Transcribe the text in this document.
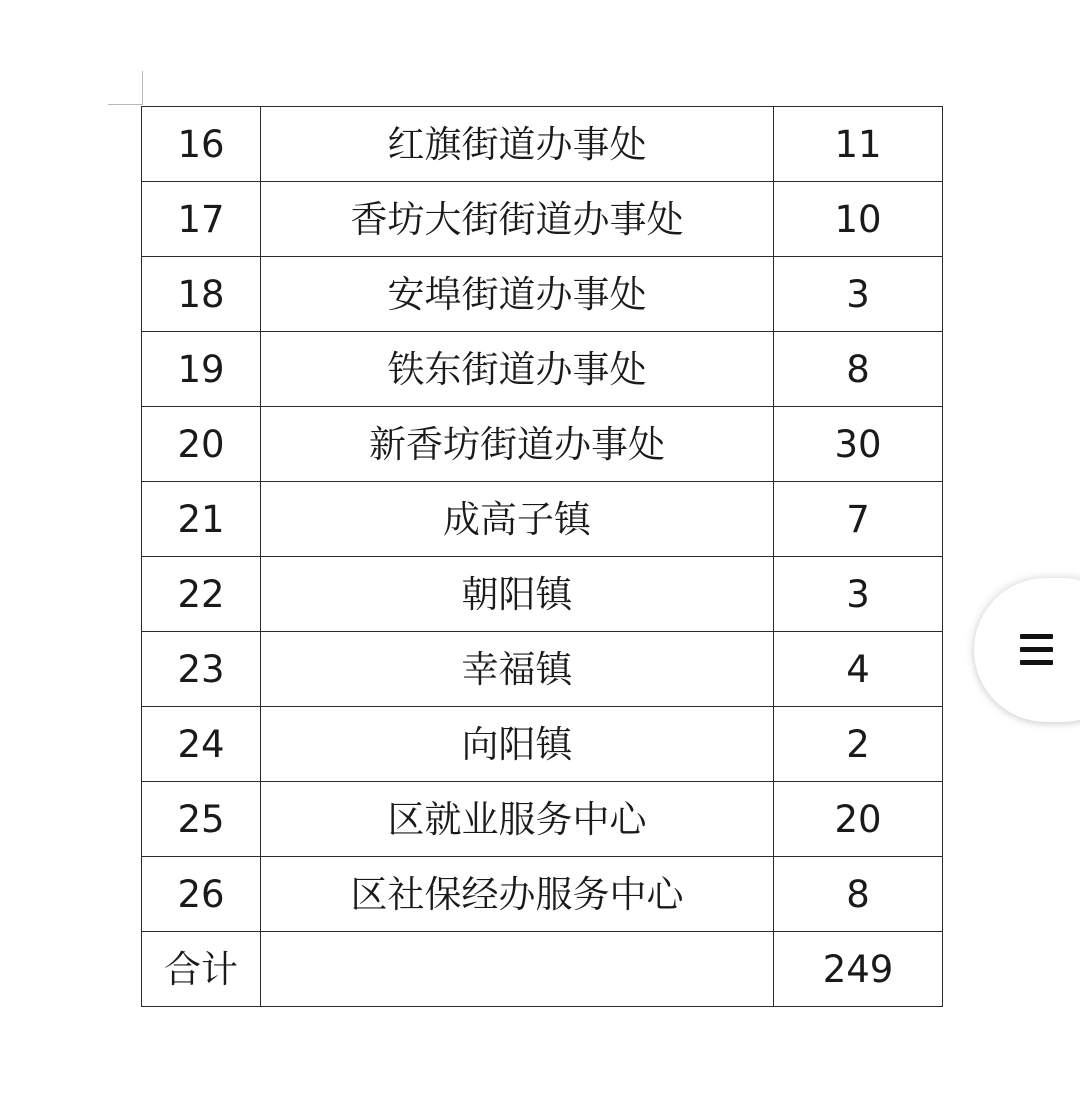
16	红旗街道办事处	11
17	香坊大街街道办事处	10
18	安埠街道办事处	3
19	铁东街道办事处	8
20	新香坊街道办事处	30
21	成高子镇	7
22	朝阳镇	3
23	幸福镇	4
24	向阳镇	2
25	区就业服务中心	20
26	区社保经办服务中心	8
合计		249
